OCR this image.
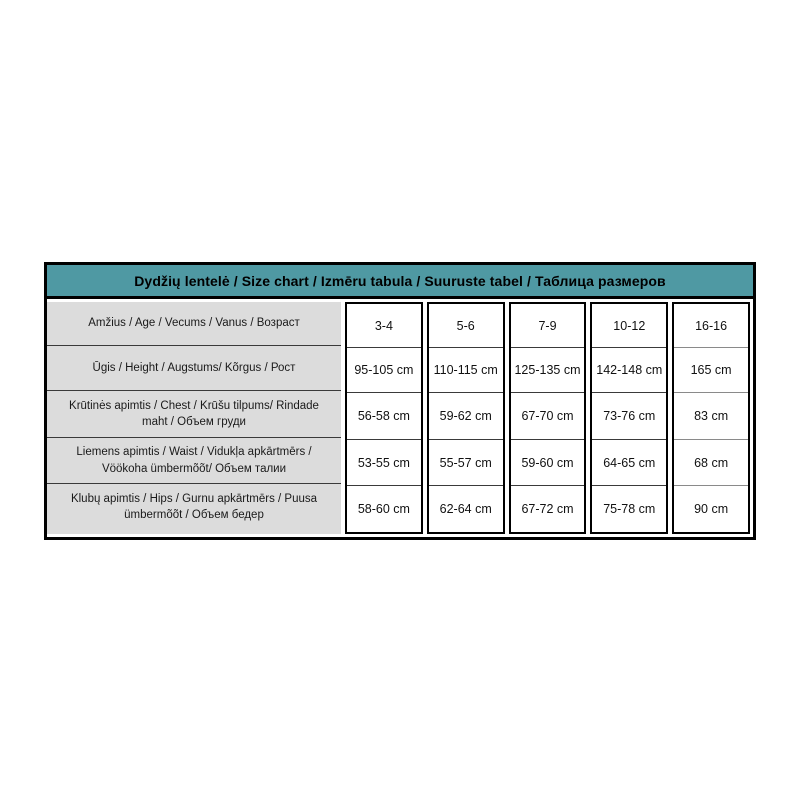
Dydžių lentelė / Size chart / Izmēru tabula / Suuruste tabel / Таблица размеров
Amžius / Age / Vecums / Vanus / Возраст
Ūgis / Height / Augstums/ Kõrgus / Рост
Krūtinės apimtis / Chest / Krūšu tilpums/ Rindade maht / Объем груди
Liemens apimtis / Waist / Vidukļa apkārtmērs / Vöökoha ümbermõõt/ Объем талии
Klubų apimtis / Hips / Gurnu apkārtmērs / Puusa ümbermõõt / Объем бедер
3-4
95-105 cm
56-58 cm
53-55 cm
58-60 cm
5-6
110-115 cm
59-62 cm
55-57 cm
62-64 cm
7-9
125-135 cm
67-70 cm
59-60 cm
67-72 cm
10-12
142-148 cm
73-76 cm
64-65 cm
75-78 cm
16-16
165 cm
83 cm
68 cm
90 cm
